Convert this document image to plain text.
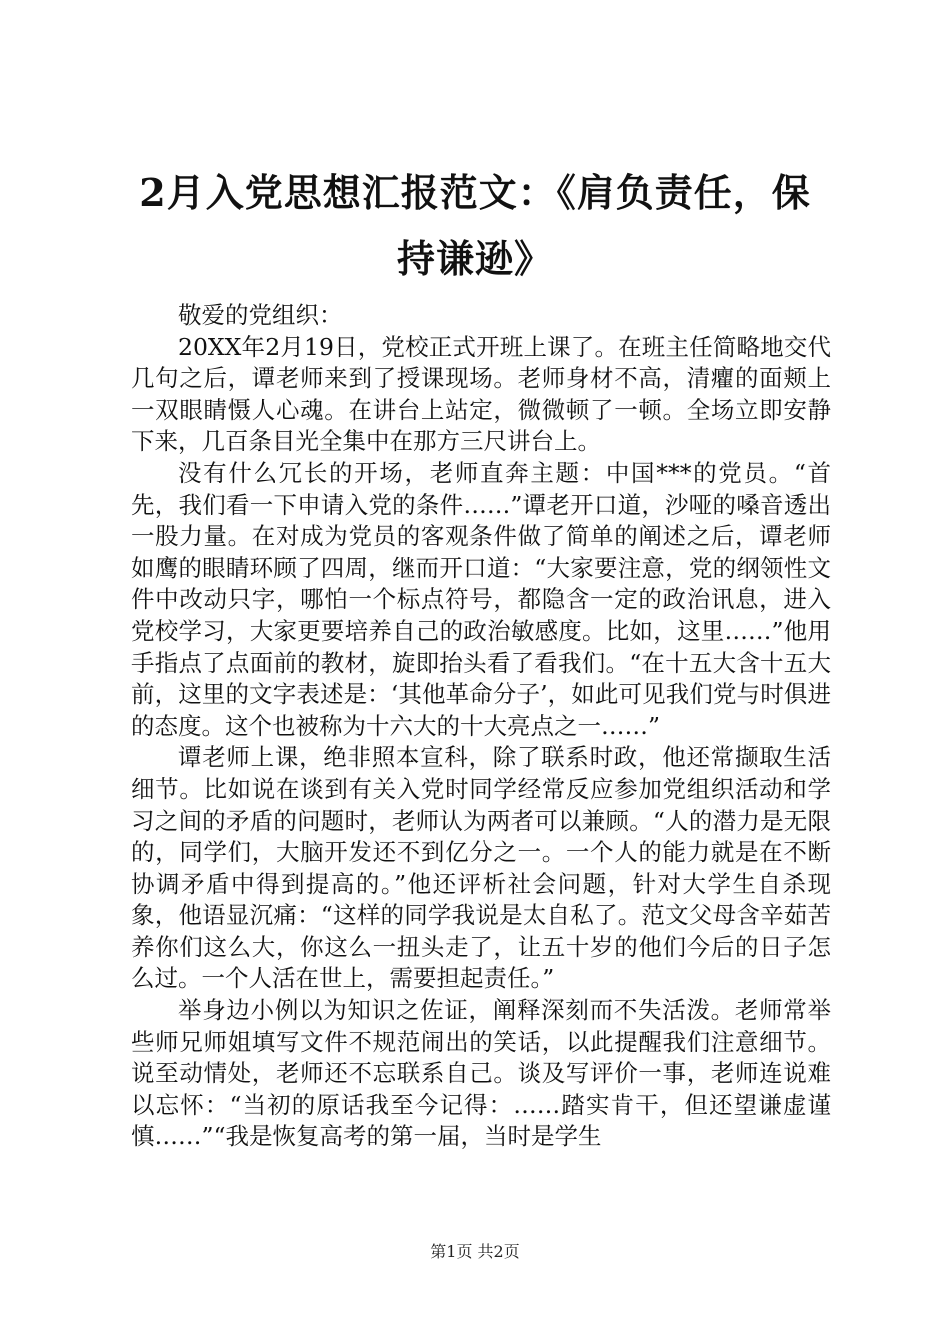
2月入党思想汇报范文：《肩负责任，保持谦逊》

敬爱的党组织：

20XX年2月19日，党校正式开班上课了。在班主任简略地交代几句之后，谭老师来到了授课现场。老师身材不高，清癯的面颊上一双眼睛慑人心魂。在讲台上站定，微微顿了一顿。全场立即安静下来，几百条目光全集中在那方三尺讲台上。

没有什么冗长的开场，老师直奔主题：中国***的党员。“首先，我们看一下申请入党的条件……”谭老开口道，沙哑的嗓音透出一股力量。在对成为党员的客观条件做了简单的阐述之后，谭老师如鹰的眼睛环顾了四周，继而开口道：“大家要注意，党的纲领性文件中改动只字，哪怕一个标点符号，都隐含一定的政治讯息，进入党校学习，大家更要培养自己的政治敏感度。比如，这里……”他用手指点了点面前的教材，旋即抬头看了看我们。“在十五大含十五大前，这里的文字表述是：‘其他革命分子’，如此可见我们党与时俱进的态度。这个也被称为十六大的十大亮点之一……”

谭老师上课，绝非照本宣科，除了联系时政，他还常撷取生活细节。比如说在谈到有关入党时同学经常反应参加党组织活动和学习之间的矛盾的问题时，老师认为两者可以兼顾。“人的潜力是无限的，同学们，大脑开发还不到亿分之一。一个人的能力就是在不断协调矛盾中得到提高的。”他还评析社会问题，针对大学生自杀现象，他语显沉痛：“这样的同学我说是太自私了。范文父母含辛茹苦养你们这么大，你这么一扭头走了，让五十岁的他们今后的日子怎么过。一个人活在世上，需要担起责任。”

举身边小例以为知识之佐证，阐释深刻而不失活泼。老师常举些师兄师姐填写文件不规范闹出的笑话，以此提醒我们注意细节。说至动情处，老师还不忘联系自己。谈及写评价一事，老师连说难以忘怀：“当初的原话我至今记得：……踏实肯干，但还望谦虚谨慎……”“我是恢复高考的第一届，当时是学生

第1页 共2页
